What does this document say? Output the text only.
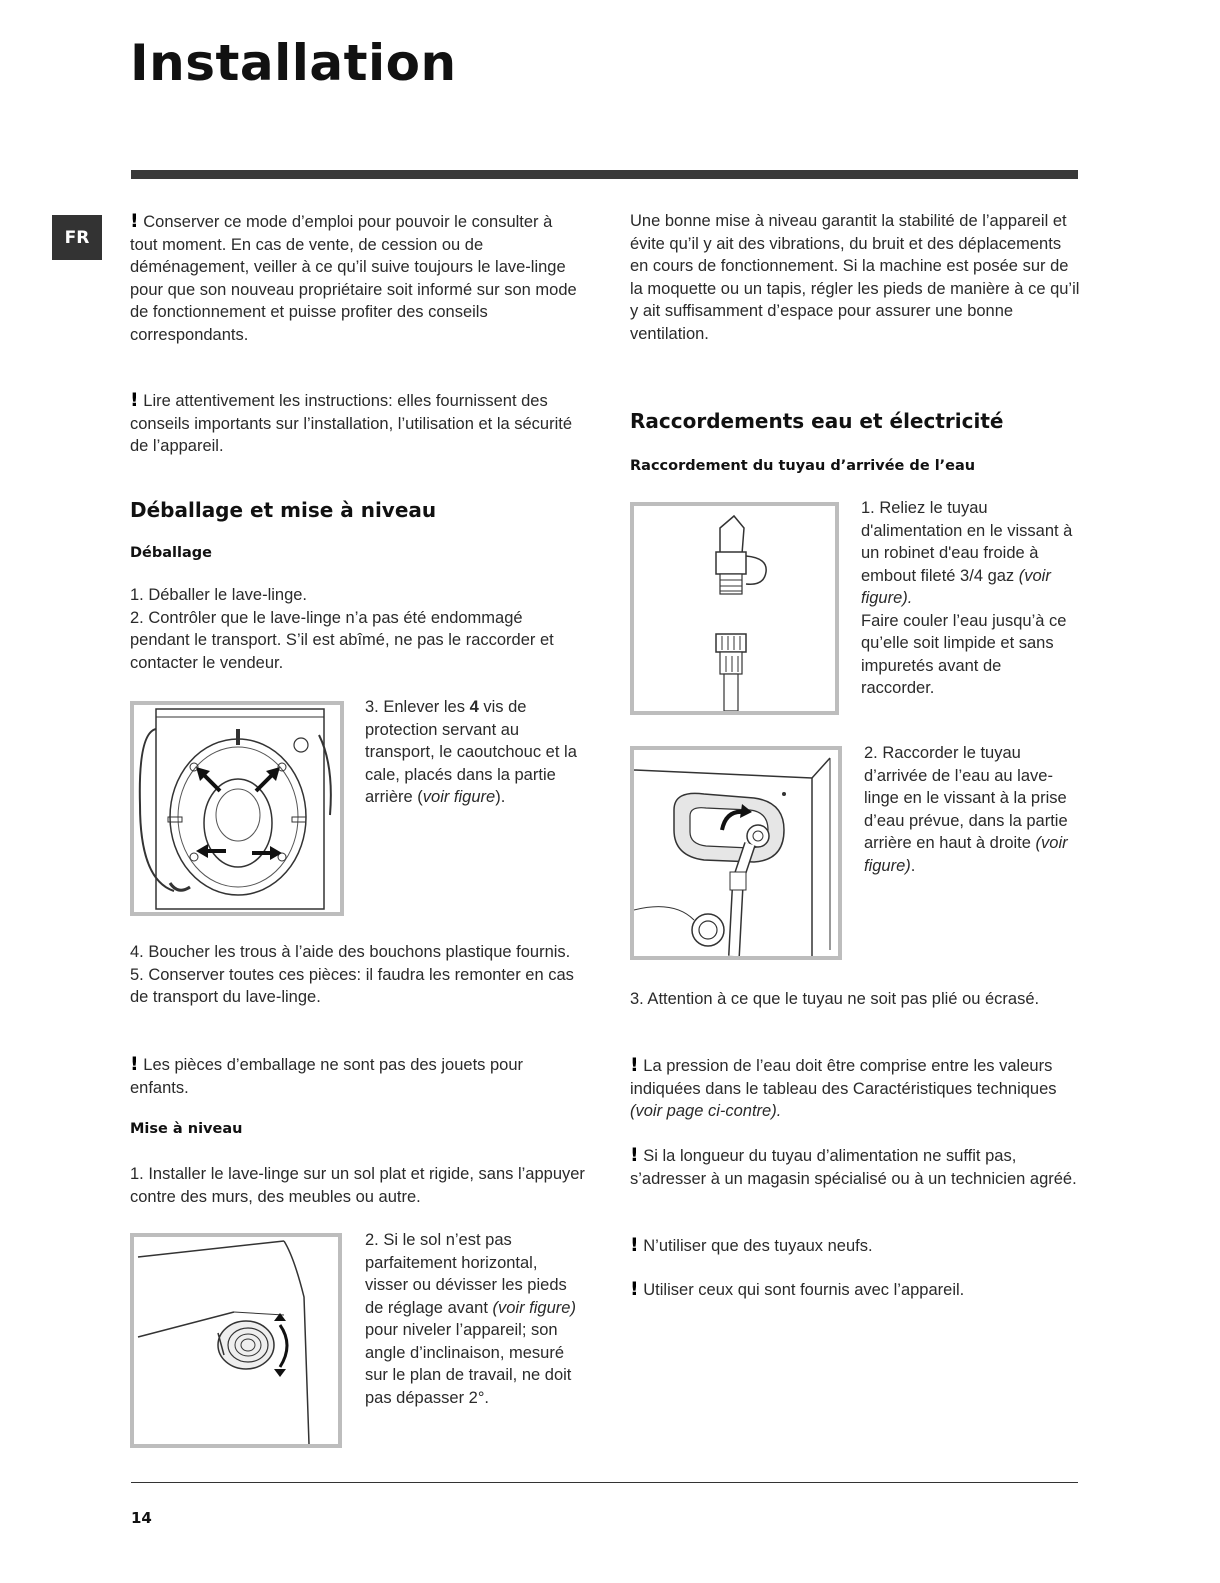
Installation
FR

! Conserver ce mode d’emploi pour pouvoir le consulter à tout moment. En cas de vente, de cession ou de déménagement, veiller à ce qu’il suive toujours le lave-linge pour que son nouveau propriétaire soit informé sur son mode de fonctionnement et puisse profiter des conseils correspondants.

! Lire attentivement les instructions: elles fournissent des conseils importants sur l’installation, l’utilisation et la sécurité de l’appareil.

Déballage et mise à niveau
Déballage

1. Déballer le lave-linge.
2. Contrôler que le lave-linge n’a pas été endommagé pendant le transport. S’il est abîmé, ne pas le raccorder et contacter le vendeur.

3. Enlever les 4 vis de protection servant au transport, le caoutchouc et la cale, placés dans la partie arrière (voir figure).

4. Boucher les trous à l’aide des bouchons plastique fournis.
5. Conserver toutes ces pièces: il faudra les remonter en cas de transport du lave-linge.

! Les pièces d’emballage ne sont pas des jouets pour enfants.

Mise à niveau

1. Installer le lave-linge sur un sol plat et rigide, sans l’appuyer contre des murs, des meubles ou autre.

2. Si le sol n’est pas parfaitement horizontal, visser ou dévisser les pieds de réglage avant (voir figure) pour niveler l’appareil; son angle d’inclinaison, mesuré sur le plan de travail, ne doit pas dépasser 2°.

Une bonne mise à niveau garantit la stabilité de l’appareil et évite qu’il y ait des vibrations, du bruit et des déplacements en cours de fonctionnement. Si la machine est posée sur de la moquette ou un tapis, régler les pieds de manière à ce qu’il y ait suffisamment d’espace pour assurer une bonne ventilation.

Raccordements eau et électricité
Raccordement du tuyau d’arrivée de l’eau

1. Reliez le tuyau d'alimentation en le vissant à un robinet d'eau froide à embout fileté 3/4 gaz (voir figure).
Faire couler l’eau jusqu’à ce qu’elle soit limpide et sans impuretés avant de raccorder.

2. Raccorder le tuyau d’arrivée de l’eau au lave-linge en le vissant à la prise d’eau prévue, dans la partie arrière en haut à droite (voir figure).

3. Attention à ce que le tuyau ne soit pas plié ou écrasé.

! La pression de l’eau doit être comprise entre les valeurs indiquées dans le tableau des Caractéristiques techniques (voir page ci-contre).

! Si la longueur du tuyau d’alimentation ne suffit pas, s’adresser à un magasin spécialisé ou à un technicien agréé.

! N’utiliser que des tuyaux neufs.

! Utiliser ceux qui sont fournis avec l’appareil.

14
